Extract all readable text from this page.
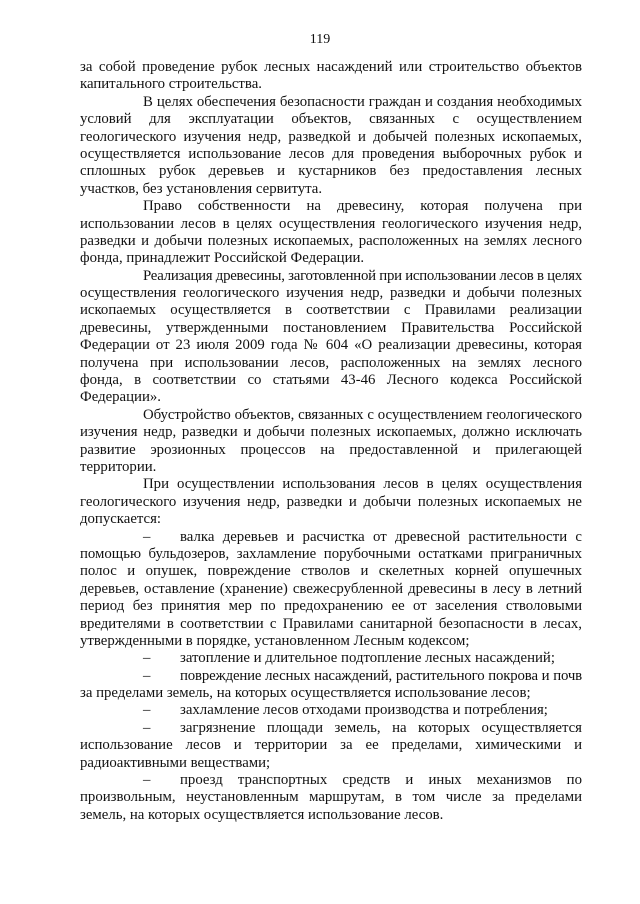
119
за собой проведение рубок лесных насаждений или строительство объектов
капитального строительства.
В целях обеспечения безопасности граждан и создания необходимых
условий для эксплуатации объектов, связанных с осуществлением
геологического изучения недр, разведкой и добычей полезных ископаемых,
осуществляется использование лесов для проведения выборочных рубок и
сплошных рубок деревьев и кустарников без предоставления лесных
участков, без установления сервитута.
Право собственности на древесину, которая получена при
использовании лесов в целях осуществления геологического изучения недр,
разведки и добычи полезных ископаемых, расположенных на землях лесного
фонда, принадлежит Российской Федерации.
Реализация древесины, заготовленной при использовании лесов в целях
осуществления геологического изучения недр, разведки и добычи полезных
ископаемых осуществляется в соответствии с Правилами реализации
древесины, утвержденными постановлением Правительства Российской
Федерации от 23 июля 2009 года № 604 «О реализации древесины, которая
получена при использовании лесов, расположенных на землях лесного
фонда, в соответствии со статьями 43-46 Лесного кодекса Российской
Федерации».
Обустройство объектов, связанных с осуществлением геологического
изучения недр, разведки и добычи полезных ископаемых, должно исключать
развитие эрозионных процессов на предоставленной и прилегающей
территории.
При осуществлении использования лесов в целях осуществления
геологического изучения недр, разведки и добычи полезных ископаемых не
допускается:
–	валка деревьев и расчистка от древесной растительности с
помощью бульдозеров, захламление порубочными остатками приграничных
полос и опушек, повреждение стволов и скелетных корней опушечных
деревьев, оставление (хранение) свежесрубленной древесины в лесу в летний
период без принятия мер по предохранению ее от заселения стволовыми
вредителями в соответствии с Правилами санитарной безопасности в лесах,
утвержденными в порядке, установленном Лесным кодексом;
–	затопление и длительное подтопление лесных насаждений;
–	повреждение лесных насаждений, растительного покрова и почв
за пределами земель, на которых осуществляется использование лесов;
–	захламление лесов отходами производства и потребления;
–	загрязнение площади земель, на которых осуществляется
использование лесов и территории за ее пределами, химическими и
радиоактивными веществами;
–	проезд транспортных средств и иных механизмов по
произвольным, неустановленным маршрутам, в том числе за пределами
земель, на которых осуществляется использование лесов.
